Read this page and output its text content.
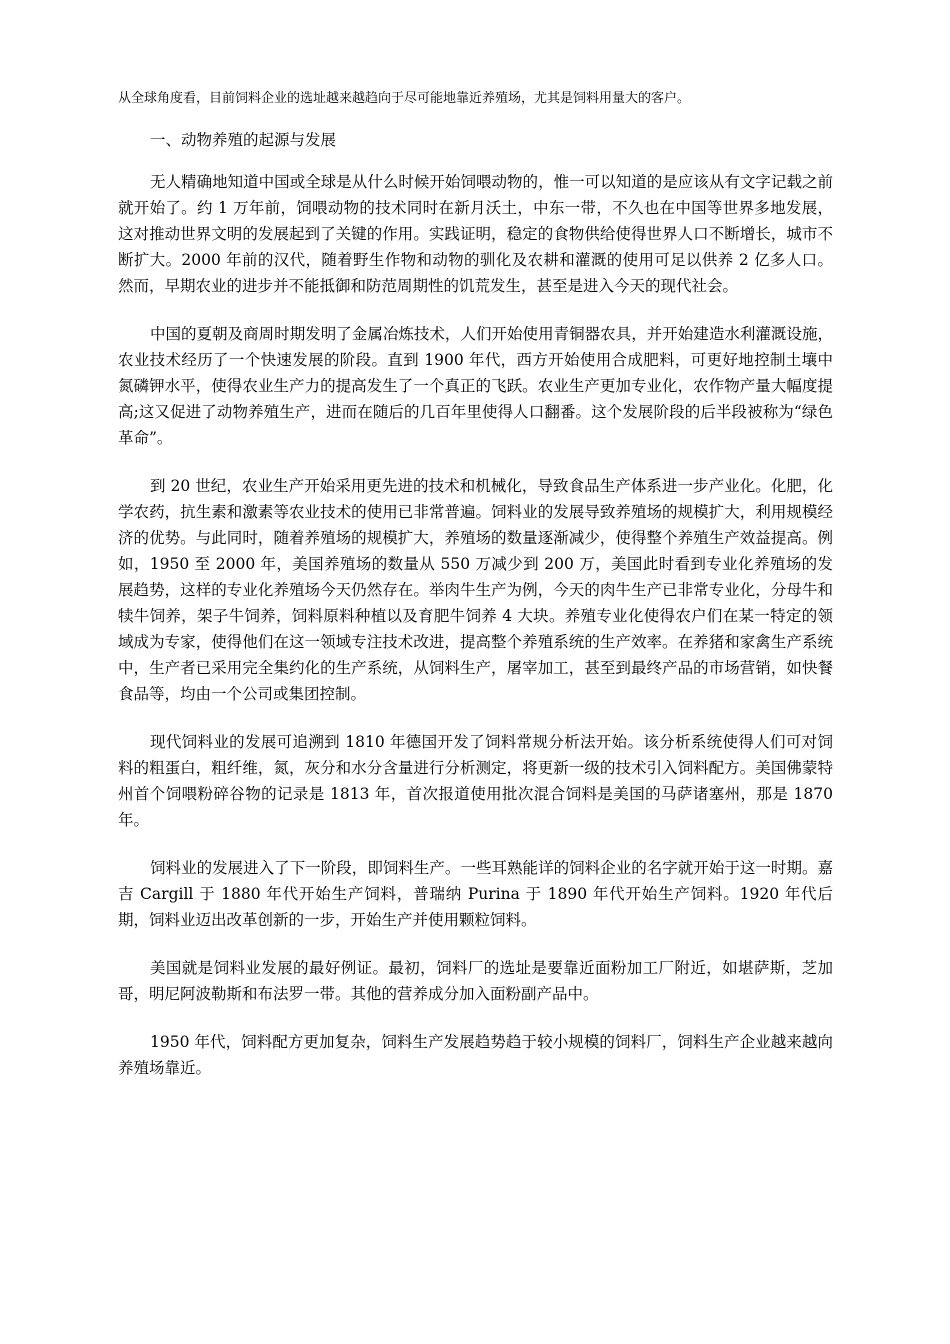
从全球角度看，目前饲料企业的选址越来越趋向于尽可能地靠近养殖场，尤其是饲料用量大的客户。

一、动物养殖的起源与发展

无人精确地知道中国或全球是从什么时候开始饲喂动物的，惟一可以知道的是应该从有文字记载之前就开始了。约 1 万年前，饲喂动物的技术同时在新月沃土，中东一带，不久也在中国等世界多地发展，这对推动世界文明的发展起到了关键的作用。实践证明，稳定的食物供给使得世界人口不断增长，城市不断扩大。2000 年前的汉代，随着野生作物和动物的驯化及农耕和灌溉的使用可足以供养 2 亿多人口。然而，早期农业的进步并不能抵御和防范周期性的饥荒发生，甚至是进入今天的现代社会。

中国的夏朝及商周时期发明了金属冶炼技术，人们开始使用青铜器农具，并开始建造水利灌溉设施，农业技术经历了一个快速发展的阶段。直到 1900 年代，西方开始使用合成肥料，可更好地控制土壤中氮磷钾水平，使得农业生产力的提高发生了一个真正的飞跃。农业生产更加专业化，农作物产量大幅度提高;这又促进了动物养殖生产，进而在随后的几百年里使得人口翻番。这个发展阶段的后半段被称为“绿色革命”。

到 20 世纪，农业生产开始采用更先进的技术和机械化，导致食品生产体系进一步产业化。化肥，化学农药，抗生素和激素等农业技术的使用已非常普遍。饲料业的发展导致养殖场的规模扩大，利用规模经济的优势。与此同时，随着养殖场的规模扩大，养殖场的数量逐渐减少，使得整个养殖生产效益提高。例如，1950 至 2000 年，美国养殖场的数量从 550 万减少到 200 万，美国此时看到专业化养殖场的发展趋势，这样的专业化养殖场今天仍然存在。举肉牛生产为例，今天的肉牛生产已非常专业化，分母牛和犊牛饲养，架子牛饲养，饲料原料种植以及育肥牛饲养 4 大块。养殖专业化使得农户们在某一特定的领域成为专家，使得他们在这一领域专注技术改进，提高整个养殖系统的生产效率。在养猪和家禽生产系统中，生产者已采用完全集约化的生产系统，从饲料生产，屠宰加工，甚至到最终产品的市场营销，如快餐食品等，均由一个公司或集团控制。

现代饲料业的发展可追溯到 1810 年德国开发了饲料常规分析法开始。该分析系统使得人们可对饲料的粗蛋白，粗纤维，氮，灰分和水分含量进行分析测定，将更新一级的技术引入饲料配方。美国佛蒙特州首个饲喂粉碎谷物的记录是 1813 年，首次报道使用批次混合饲料是美国的马萨诸塞州，那是 1870 年。

饲料业的发展进入了下一阶段，即饲料生产。一些耳熟能详的饲料企业的名字就开始于这一时期。嘉吉 Cargill 于 1880 年代开始生产饲料，普瑞纳 Purina 于 1890 年代开始生产饲料。1920 年代后期，饲料业迈出改革创新的一步，开始生产并使用颗粒饲料。

美国就是饲料业发展的最好例证。最初，饲料厂的选址是要靠近面粉加工厂附近，如堪萨斯，芝加哥，明尼阿波勒斯和布法罗一带。其他的营养成分加入面粉副产品中。

1950 年代，饲料配方更加复杂，饲料生产发展趋势趋于较小规模的饲料厂，饲料生产企业越来越向养殖场靠近。
